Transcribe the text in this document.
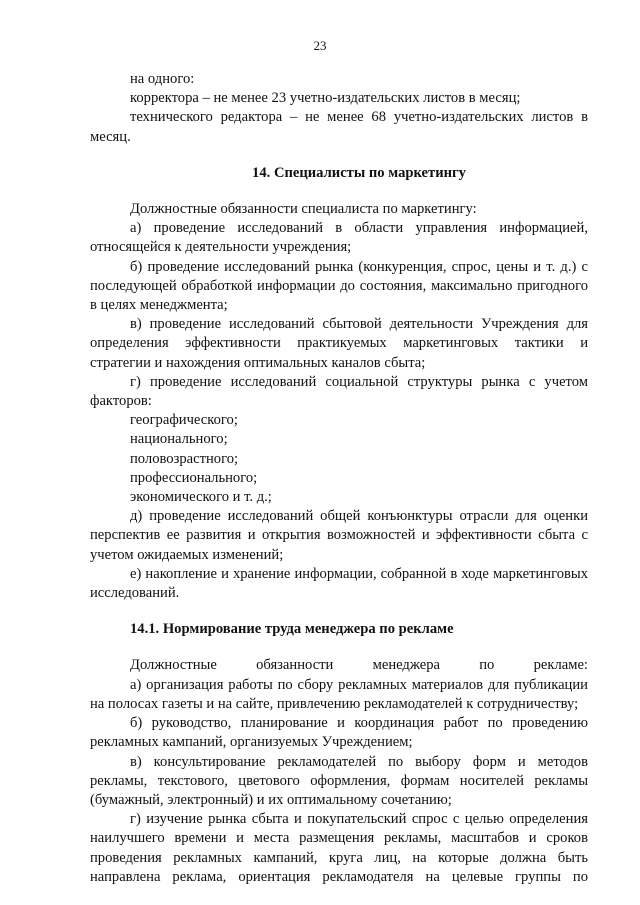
23

на одного:

корректора – не менее 23 учетно-издательских листов в месяц;

технического редактора – не менее 68 учетно-издательских листов в месяц.

14. Специалисты по маркетингу

Должностные обязанности специалиста по маркетингу:

а) проведение исследований в области управления информацией, относящейся к деятельности учреждения;

б) проведение исследований рынка (конкуренция, спрос, цены и т. д.) с последующей обработкой информации до состояния, максимально пригодного в целях менеджмента;

в) проведение исследований сбытовой деятельности Учреждения для определения эффективности практикуемых маркетинговых тактики и стратегии и нахождения оптимальных каналов сбыта;

г) проведение исследований социальной структуры рынка с учетом факторов:

географического;

национального;

половозрастного;

профессионального;

экономического и т. д.;

д) проведение исследований общей конъюнктуры отрасли для оценки перспектив ее развития и открытия возможностей и эффективности сбыта с учетом ожидаемых изменений;

е) накопление и хранение информации, собранной в ходе маркетинговых исследований.

14.1. Нормирование труда менеджера по рекламе

Должностные обязанности менеджера по рекламе:

а) организация работы по сбору рекламных материалов для публикации на полосах газеты и на сайте, привлечению рекламодателей к сотрудничеству;

б) руководство, планирование и координация работ по проведению рекламных кампаний, организуемых Учреждением;

в) консультирование рекламодателей по выбору форм и методов рекламы, текстового, цветового оформления, формам носителей рекламы (бумажный, электронный) и их оптимальному сочетанию;

г) изучение рынка сбыта и покупательский спрос с целью определения наилучшего времени и места размещения рекламы, масштабов и сроков проведения рекламных кампаний, круга лиц, на которые должна быть направлена реклама, ориентация рекламодателя на целевые группы по
